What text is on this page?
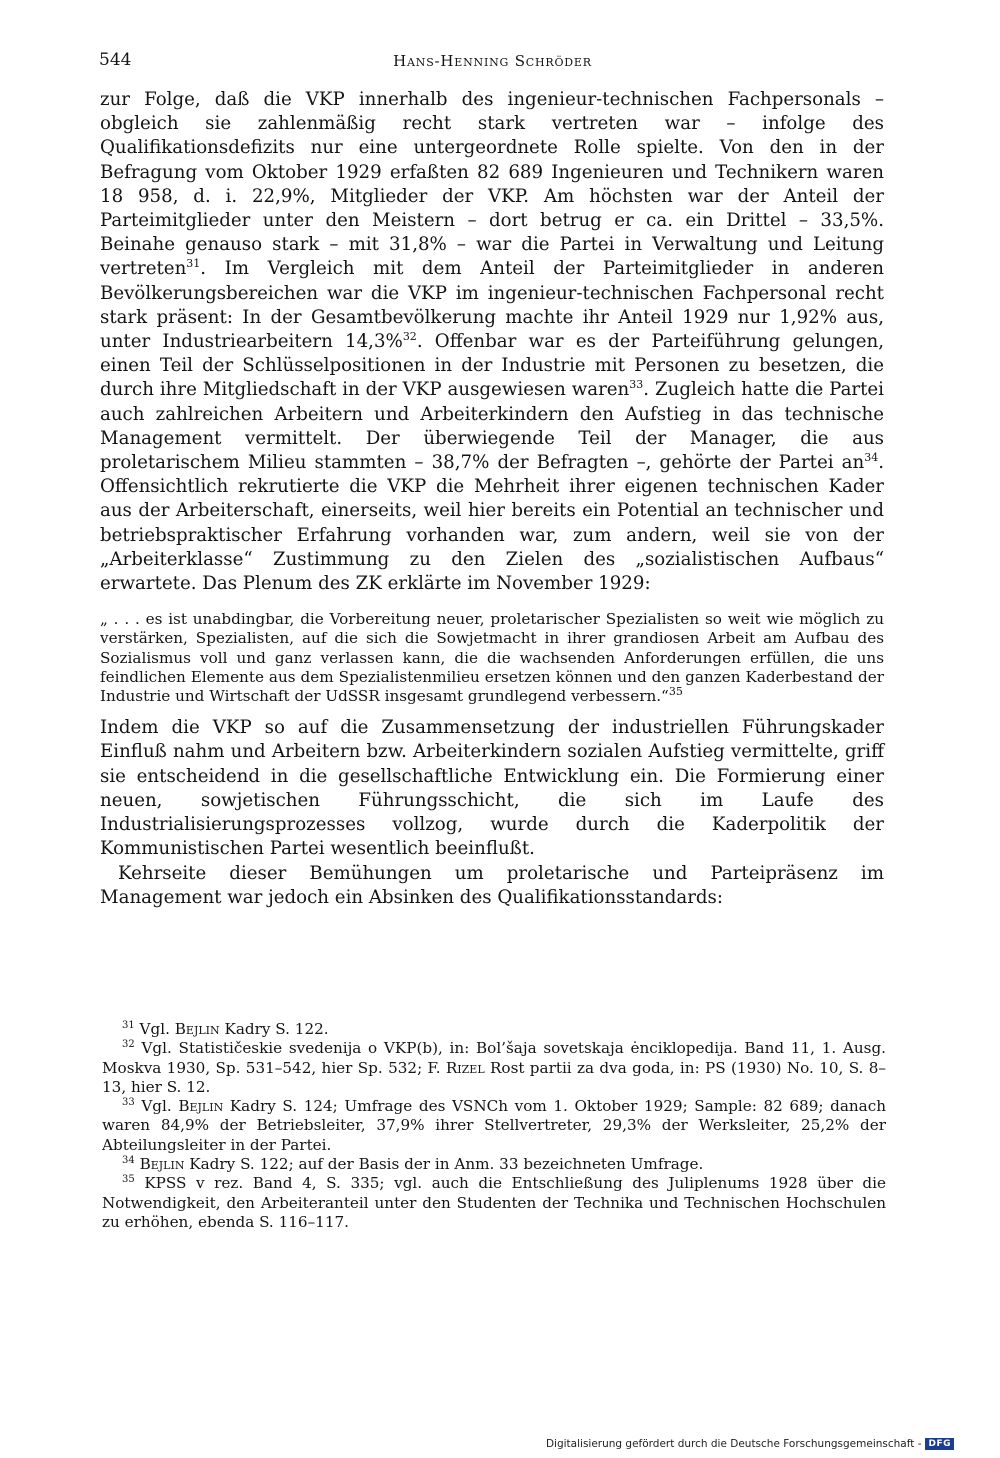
544	Hans-Henning Schröder

zur Folge, daß die VKP innerhalb des ingenieur-technischen Fachpersonals – obgleich sie zahlenmäßig recht stark vertreten war – infolge des Qualifikationsdefizits nur eine untergeordnete Rolle spielte. Von den in der Befragung vom Oktober 1929 erfaßten 82 689 Ingenieuren und Technikern waren 18 958, d. i. 22,9%, Mitglieder der VKP. Am höchsten war der Anteil der Parteimitglieder unter den Meistern – dort betrug er ca. ein Drittel – 33,5%. Beinahe genauso stark – mit 31,8% – war die Partei in Verwaltung und Leitung vertreten$^{31}$. Im Vergleich mit dem Anteil der Parteimitglieder in anderen Bevölkerungsbereichen war die VKP im ingenieur-technischen Fachpersonal recht stark präsent: In der Gesamtbevölkerung machte ihr Anteil 1929 nur 1,92% aus, unter Industriearbeitern 14,3%$^{32}$. Offenbar war es der Parteiführung gelungen, einen Teil der Schlüsselpositionen in der Industrie mit Personen zu besetzen, die durch ihre Mitgliedschaft in der VKP ausgewiesen waren$^{33}$. Zugleich hatte die Partei auch zahlreichen Arbeitern und Arbeiterkindern den Aufstieg in das technische Management vermittelt. Der überwiegende Teil der Manager, die aus proletarischem Milieu stammten – 38,7% der Befragten –, gehörte der Partei $an^{34}$. Offensichtlich rekrutierte die VKP die Mehrheit ihrer eigenen technischen Kader aus der Arbeiterschaft, einerseits, weil hier bereits ein Potential an technischer und betriebspraktischer Erfahrung vorhanden war, zum andern, weil sie von der „Arbeiterklasse“ Zustimmung zu den Zielen des „sozialistischen Aufbaus“ erwartete. Das Plenum des ZK erklärte im November 1929:

„ . . . es ist unabdingbar, die Vorbereitung neuer, proletarischer Spezialisten so weit wie möglich zu verstärken, Spezialisten, auf die sich die Sowjetmacht in ihrer grandiosen Arbeit am Aufbau des Sozialismus voll und ganz verlassen kann, die die wachsenden Anforderungen erfüllen, die uns feindlichen Elemente aus dem Spezialistenmilieu ersetzen können und den ganzen Kaderbestand der Industrie und Wirtschaft der UdSSR insgesamt grundlegend verbessern.“$^{35}$

Indem die VKP so auf die Zusammensetzung der industriellen Führungskader Einfluß nahm und Arbeitern bzw. Arbeiterkindern sozialen Aufstieg vermittelte, griff sie entscheidend in die gesellschaftliche Entwicklung ein. Die Formierung einer neuen, sowjetischen Führungsschicht, die sich im Laufe des Industrialisierungsprozesses vollzog, wurde durch die Kaderpolitik der Kommunistischen Partei wesentlich beeinflußt.

Kehrseite dieser Bemühungen um proletarische und Parteipräsenz im Management war jedoch ein Absinken des Qualifikationsstandards:

$^{31}$ Vgl. Bejlin Kadry S. 122.

$^{32}$ Vgl. Statističeskie svedenija o VKP(b), in: Bol’šaja sovetskaja ėnciklopedija. Band 11, 1. Ausg. Moskva 1930, Sp. 531–542, hier Sp. 532; F. Rizel Rost partii za dva goda, in: PS (1930) No. 10, S. 8–13, hier S. 12.

$^{33}$ Vgl. Bejlin Kadry S. 124; Umfrage des VSNCh vom 1. Oktober 1929; Sample: 82 689; danach waren 84,9% der Betriebsleiter, 37,9% ihrer Stellvertreter, 29,3% der Werksleiter, 25,2% der Abteilungsleiter in der Partei.

$^{34}$ Bejlin Kadry S. 122; auf der Basis der in Anm. 33 bezeichneten Umfrage.

$^{35}$ KPSS v rez. Band 4, S. 335; vgl. auch die Entschließung des Juliplenums 1928 über die Notwendigkeit, den Arbeiteranteil unter den Studenten der Technika und Technischen Hochschulen zu erhöhen, ebenda S. 116–117.

Digitalisierung gefördert durch die Deutsche Forschungsgemeinschaft - DFG
